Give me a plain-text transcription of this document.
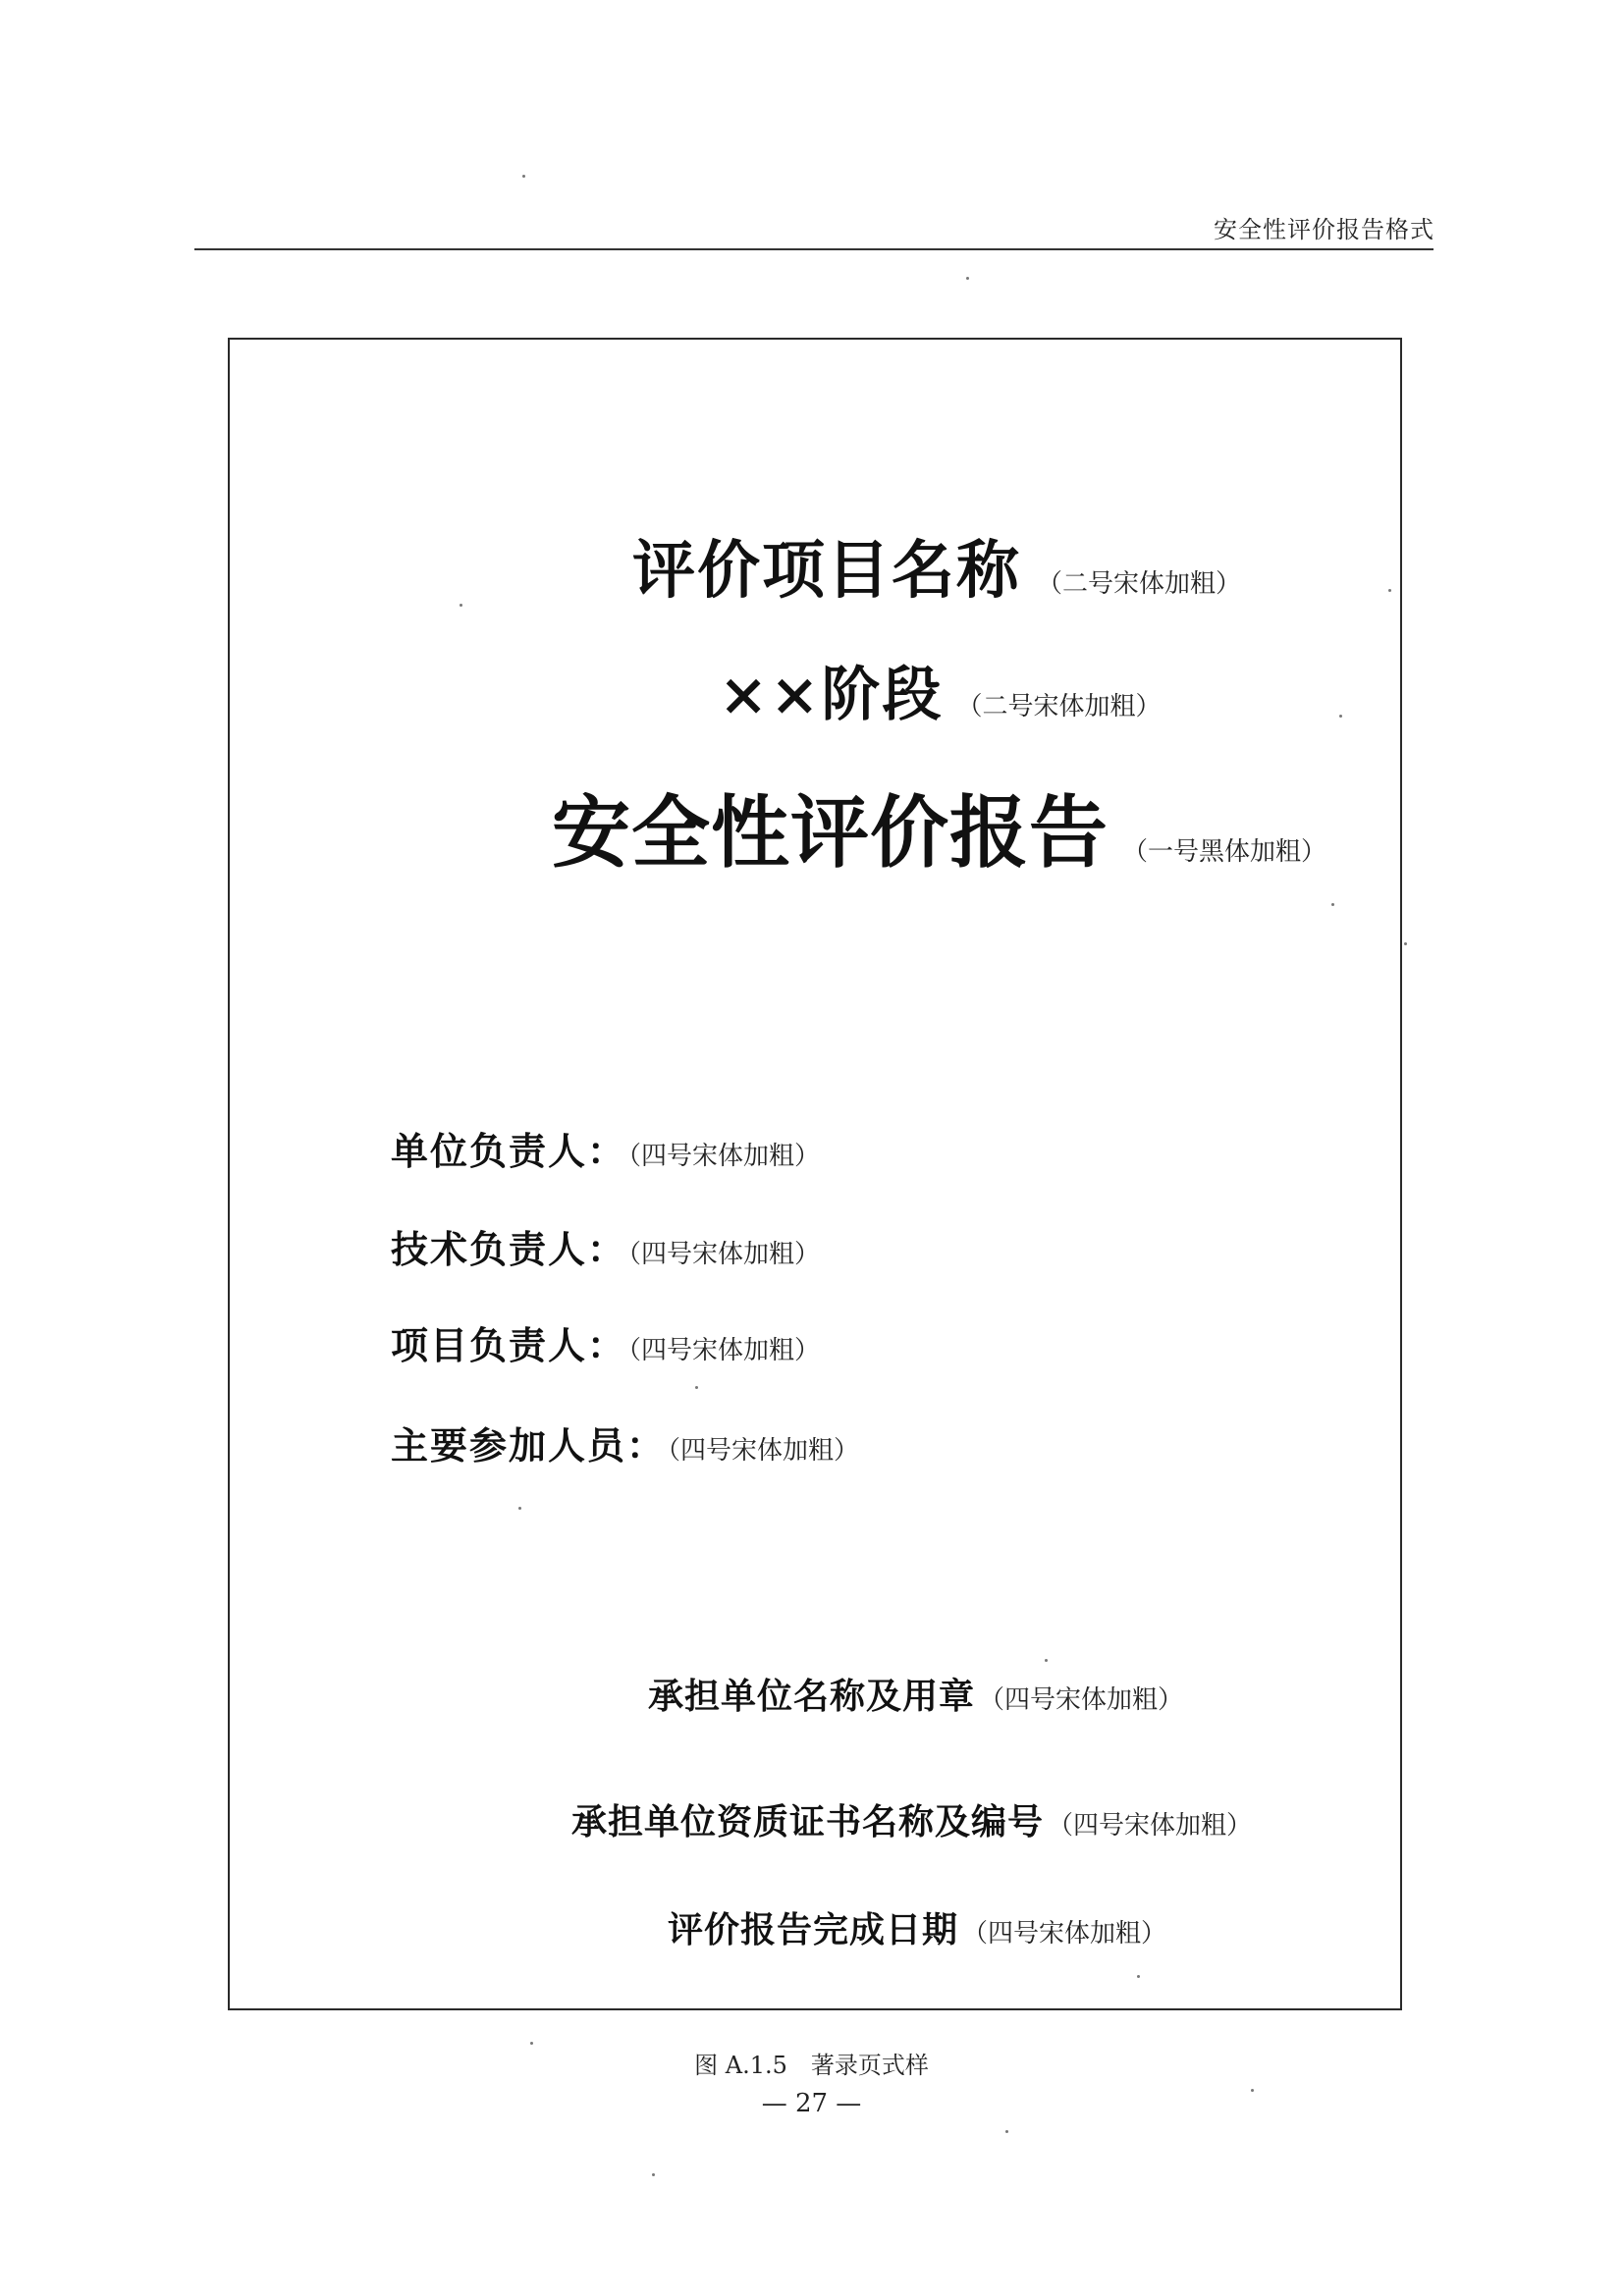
安全性评价报告格式
评价项目名称 （二号宋体加粗）
××阶段 （二号宋体加粗）
安全性评价报告 （一号黑体加粗）
单位负责人：（四号宋体加粗）
技术负责人：（四号宋体加粗）
项目负责人：（四号宋体加粗）
主要参加人员：（四号宋体加粗）
承担单位名称及用章 （四号宋体加粗）
承担单位资质证书名称及编号 （四号宋体加粗）
评价报告完成日期 （四号宋体加粗）
图 A.1.5　著录页式样
— 27 —
